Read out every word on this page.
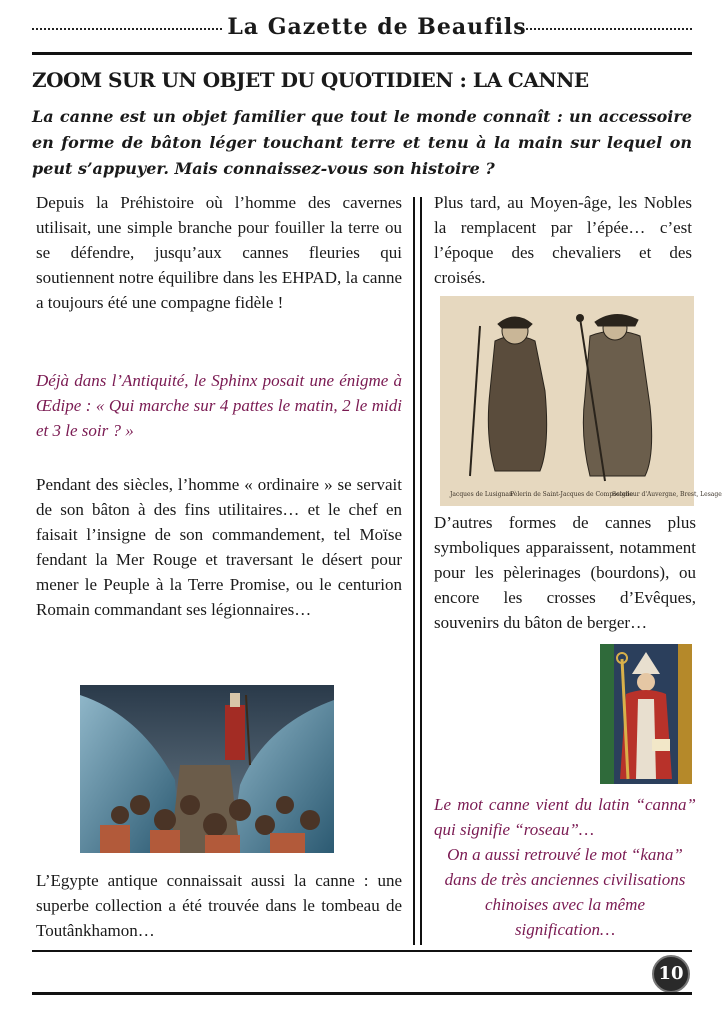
La Gazette de Beaufils
ZOOM SUR UN OBJET DU QUOTIDIEN : LA CANNE

La canne est un objet familier que tout le monde connaît : un accessoire en forme de bâton léger touchant terre et tenu à la main sur lequel on peut s’appuyer. Mais connaissez-vous son histoire ?

Depuis la Préhistoire où l’homme des cavernes utilisait, une simple branche pour fouiller la terre ou se défendre, jusqu’aux cannes fleuries qui soutiennent notre équilibre dans les EHPAD, la canne a toujours été une compagne fidèle !

Déjà dans l’Antiquité, le Sphinx posait une énigme à Œdipe : « Qui marche sur 4 pattes le matin, 2 le midi et 3 le soir ? »

Pendant des siècles, l’homme « ordinaire » se servait de son bâton à des fins utilitaires… et le chef en faisait l’insigne de son commandement, tel Moïse fendant la Mer Rouge et traversant le désert pour mener le Peuple à la Terre Promise, ou le centurion Romain commandant ses légionnaires…

L’Egypte antique connaissait aussi la canne : une superbe collection a été trouvée dans le tombeau de Toutânkhamon…

Plus tard, au Moyen-âge, les Nobles la remplacent par l’épée… c’est l’époque des chevaliers et des croisés.

D’autres formes de cannes plus symboliques apparaissent, notamment pour les pèlerinages (bourdons), ou encore les crosses d’Evêques, souvenirs du bâton de berger…

Le mot canne vient du latin “canna” qui signifie “roseau”…
On a aussi retrouvé le mot “kana” dans de très anciennes civilisations chinoises avec la même signification…

Jacques de Lusignan
Pèlerin de Saint-Jacques de Compostelle
Seigneur d'Auvergne, Brest, Lesage
10
